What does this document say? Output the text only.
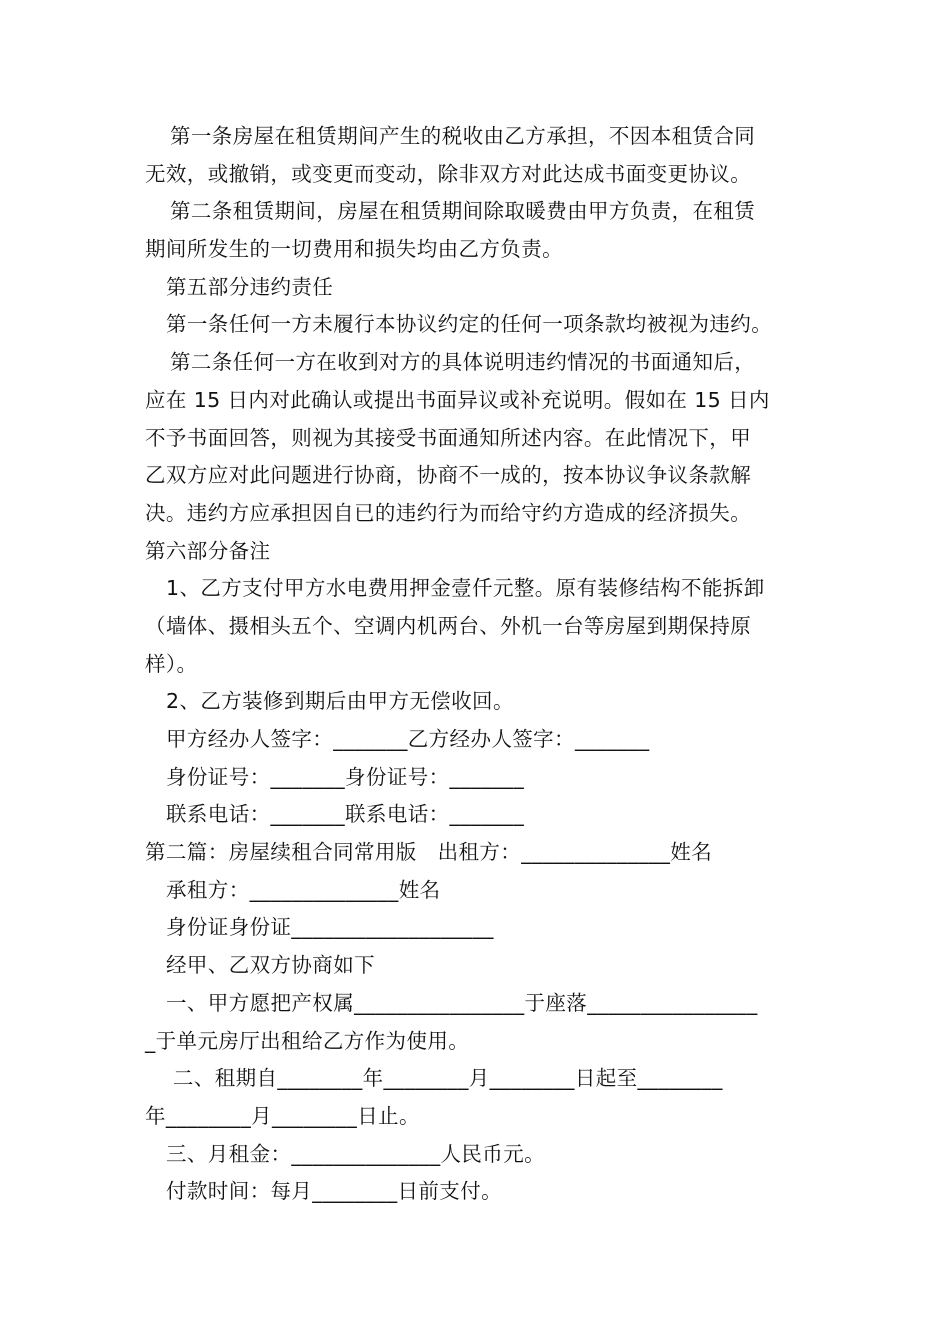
第一条房屋在租赁期间产生的税收由乙方承担，不因本租赁合同
无效，或撤销，或变更而变动，除非双方对此达成书面变更协议。
第二条租赁期间，房屋在租赁期间除取暖费由甲方负责，在租赁
期间所发生的一切费用和损失均由乙方负责。
第五部分违约责任
第一条任何一方未履行本协议约定的任何一项条款均被视为违约。
第二条任何一方在收到对方的具体说明违约情况的书面通知后，
应在 15 日内对此确认或提出书面异议或补充说明。假如在 15 日内
不予书面回答，则视为其接受书面通知所述内容。在此情况下，甲
乙双方应对此问题进行协商，协商不一成的，按本协议争议条款解
决。违约方应承担因自已的违约行为而给守约方造成的经济损失。
第六部分备注
1、乙方支付甲方水电费用押金壹仟元整。原有装修结构不能拆卸
（墙体、摄相头五个、空调内机两台、外机一台等房屋到期保持原
样）。
2、乙方装修到期后由甲方无偿收回。
甲方经办人签字：_______乙方经办人签字：_______
身份证号：_______身份证号：_______
联系电话：_______联系电话：_______
第二篇：房屋续租合同常用版　出租方：______________姓名
承租方：______________姓名
身份证身份证___________________
经甲、乙双方协商如下
一、甲方愿把产权属________________于座落________________
_于单元房厅出租给乙方作为使用。
二、租期自________年________月________日起至________
年________月________日止。
三、月租金：______________人民币元。
付款时间：每月________日前支付。
